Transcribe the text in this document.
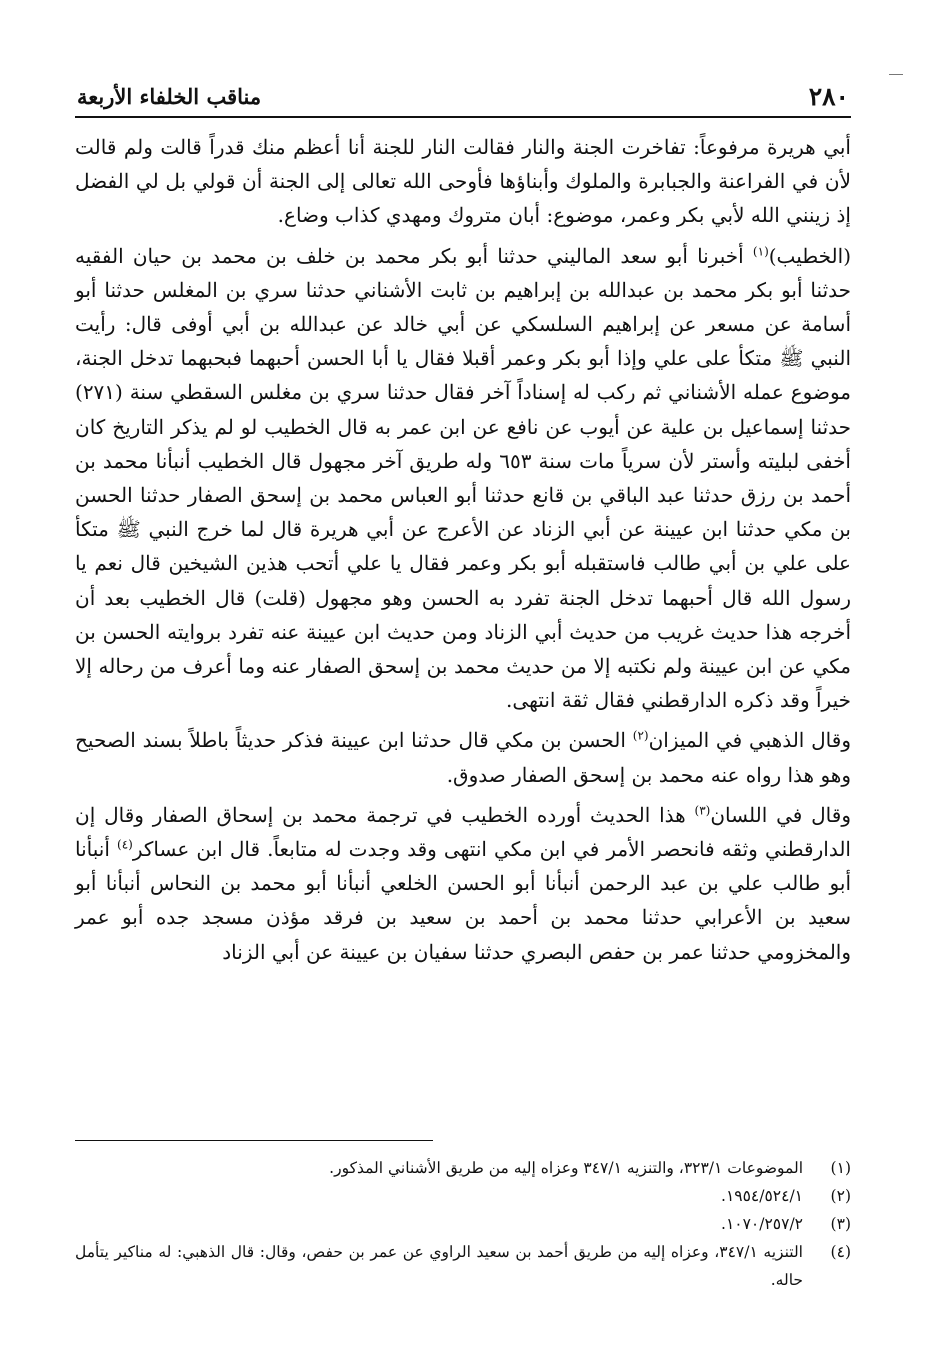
٢٨٠
مناقب الخلفاء الأربعة

أبي هريرة مرفوعاً: تفاخرت الجنة والنار فقالت النار للجنة أنا أعظم منك قدراً قالت ولم قالت لأن في الفراعنة والجبابرة والملوك وأبناؤها فأوحى الله تعالى إلى الجنة أن قولي بل لي الفضل إذ زينني الله لأبي بكر وعمر، موضوع: أبان متروك ومهدي كذاب وضاع.

(الخطيب)$^{(١)}$ أخبرنا أبو سعد الماليني حدثنا أبو بكر محمد بن خلف بن محمد بن حيان الفقيه حدثنا أبو بكر محمد بن عبدالله بن إبراهيم بن ثابت الأشناني حدثنا سري بن المغلس حدثنا أبو أسامة عن مسعر عن إبراهيم السلسكي عن أبي خالد عن عبدالله بن أبي أوفى قال: رأيت النبي ﷺ متكأ على علي وإذا أبو بكر وعمر أقبلا فقال يا أبا الحسن أحبهما فبحبهما تدخل الجنة، موضوع عمله الأشناني ثم ركب له إسناداً آخر فقال حدثنا سري بن مغلس السقطي سنة (٢٧١) حدثنا إسماعيل بن علية عن أيوب عن نافع عن ابن عمر به قال الخطيب لو لم يذكر التاريخ كان أخفى لبليته وأستر لأن سرياً مات سنة ٦٥٣ وله طريق آخر مجهول قال الخطيب أنبأنا محمد بن أحمد بن رزق حدثنا عبد الباقي بن قانع حدثنا أبو العباس محمد بن إسحق الصفار حدثنا الحسن بن مكي حدثنا ابن عيينة عن أبي الزناد عن الأعرج عن أبي هريرة قال لما خرج النبي ﷺ متكأ على علي بن أبي طالب فاستقبله أبو بكر وعمر فقال يا علي أتحب هذين الشيخين قال نعم يا رسول الله قال أحبهما تدخل الجنة تفرد به الحسن وهو مجهول (قلت) قال الخطيب بعد أن أخرجه هذا حديث غريب من حديث أبي الزناد ومن حديث ابن عيينة عنه تفرد بروايته الحسن بن مكي عن ابن عيينة ولم نكتبه إلا من حديث محمد بن إسحق الصفار عنه وما أعرف من رحاله إلا خيراً وقد ذكره الدارقطني فقال ثقة انتهى.

وقال الذهبي في الميزان$^{(٢)}$ الحسن بن مكي قال حدثنا ابن عيينة فذكر حديثاً باطلاً بسند الصحيح وهو هذا رواه عنه محمد بن إسحق الصفار صدوق.

وقال في اللسان$^{(٣)}$ هذا الحديث أورده الخطيب في ترجمة محمد بن إسحاق الصفار وقال إن الدارقطني وثقه فانحصر الأمر في ابن مكي انتهى وقد وجدت له متابعاً. قال ابن عساكر$^{(٤)}$ أنبأنا أبو طالب علي بن عبد الرحمن أنبأنا أبو الحسن الخلعي أنبأنا أبو محمد بن النحاس أنبأنا أبو سعيد بن الأعرابي حدثنا محمد بن أحمد بن سعيد بن فرقد مؤذن مسجد جده أبو عمر والمخزومي حدثنا عمر بن حفص البصري حدثنا سفيان بن عيينة عن أبي الزناد

(١)
الموضوعات ٣٢٣/١، والتنزيه ٣٤٧/١ وعزاه إليه من طريق الأشناني المذكور.
(٢)
١٩٥٤/٥٢٤/١.
(٣)
١٠٧٠/٢٥٧/٢.
(٤)
التنزيه ٣٤٧/١، وعزاه إليه من طريق أحمد بن سعيد الراوي عن عمر بن حفص، وقال: قال الذهبي: له مناكير يتأمل حاله.
